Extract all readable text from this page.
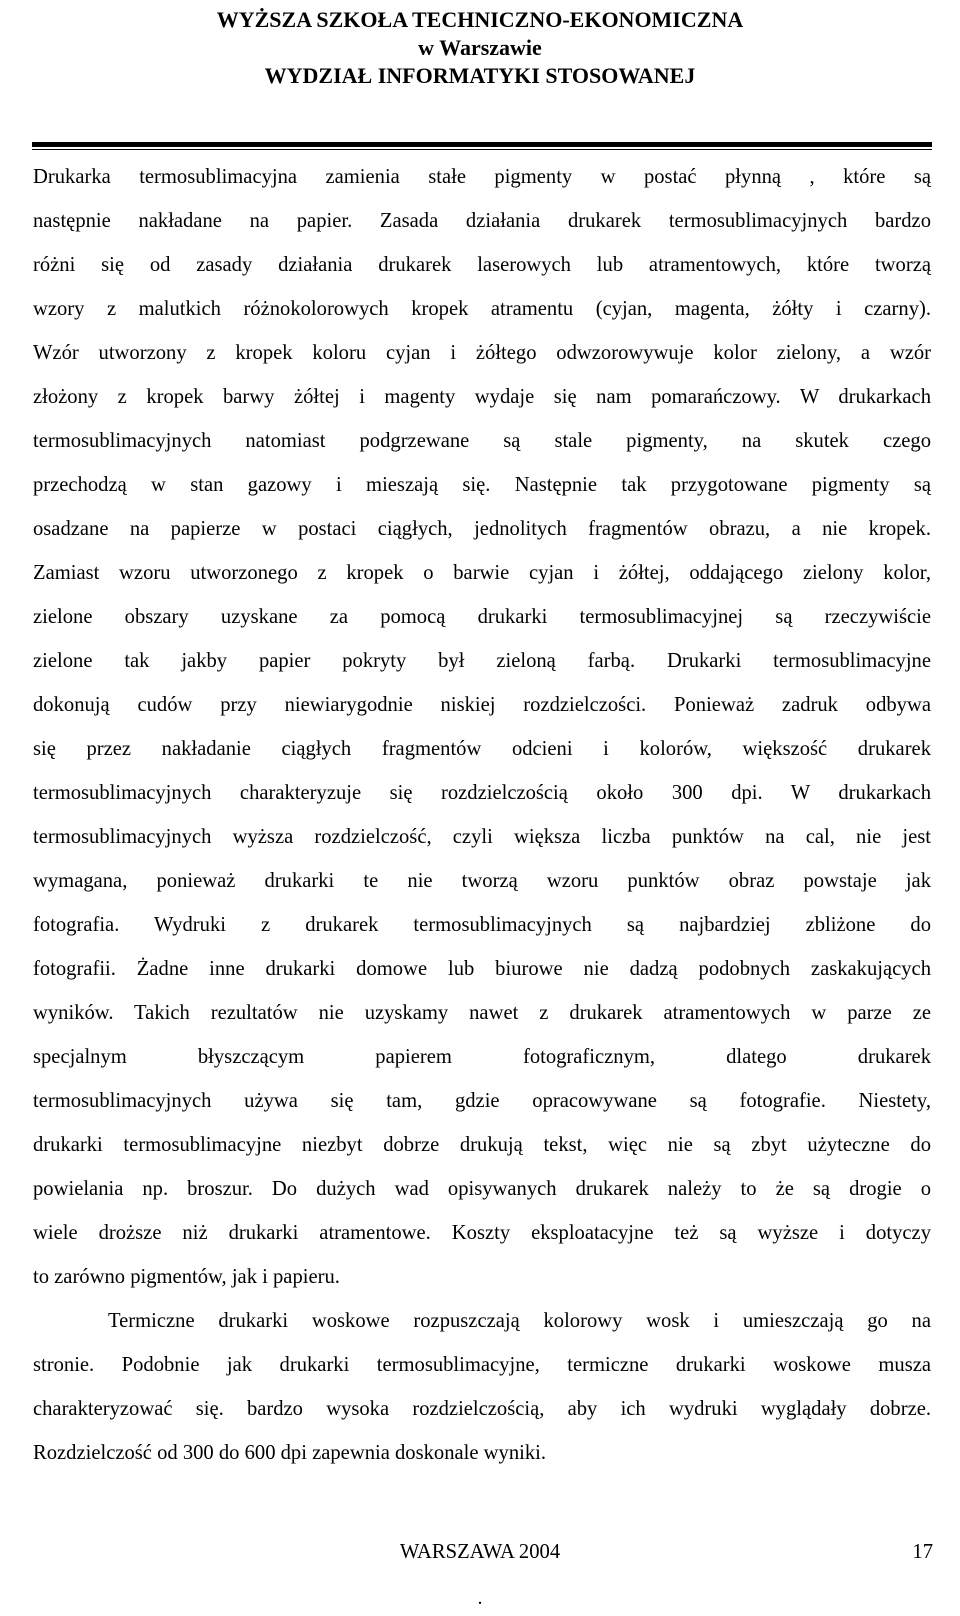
WYŻSZA SZKOŁA TECHNICZNO-EKONOMICZNA
w Warszawie
WYDZIAŁ INFORMATYKI STOSOWANEJ
Drukarka termosublimacyjna zamienia stałe pigmenty w postać płynną , które są
następnie nakładane na papier. Zasada działania drukarek termosublimacyjnych bardzo
różni się od zasady działania drukarek laserowych lub atramentowych, które tworzą
wzory z malutkich różnokolorowych kropek atramentu (cyjan, magenta, żółty i czarny).
Wzór utworzony z kropek koloru cyjan i żółtego odwzorowywuje kolor zielony, a wzór
złożony z kropek barwy żółtej i magenty wydaje się nam pomarańczowy. W drukarkach
termosublimacyjnych natomiast podgrzewane są stale pigmenty, na skutek czego
przechodzą w stan gazowy i mieszają się. Następnie tak przygotowane pigmenty są
osadzane na papierze w postaci ciągłych, jednolitych fragmentów obrazu, a nie kropek.
Zamiast wzoru utworzonego z kropek o barwie cyjan i żółtej, oddającego zielony kolor,
zielone obszary uzyskane za pomocą drukarki termosublimacyjnej są rzeczywiście
zielone tak jakby papier pokryty był zieloną farbą. Drukarki termosublimacyjne
dokonują cudów przy niewiarygodnie niskiej rozdzielczości. Ponieważ zadruk odbywa
się przez nakładanie ciągłych fragmentów odcieni i kolorów, większość drukarek
termosublimacyjnych charakteryzuje się rozdzielczością około 300 dpi. W drukarkach
termosublimacyjnych wyższa rozdzielczość, czyli większa liczba punktów na cal, nie jest
wymagana, ponieważ drukarki te nie tworzą wzoru punktów obraz powstaje jak
fotografia. Wydruki z drukarek termosublimacyjnych są najbardziej zbliżone do
fotografii. Żadne inne drukarki domowe lub biurowe nie dadzą podobnych zaskakujących
wyników. Takich rezultatów nie uzyskamy nawet z drukarek atramentowych w parze ze
specjalnym błyszczącym papierem fotograficznym, dlatego drukarek
termosublimacyjnych używa się tam, gdzie opracowywane są fotografie. Niestety,
drukarki termosublimacyjne niezbyt dobrze drukują tekst, więc nie są zbyt użyteczne do
powielania np. broszur. Do dużych wad opisywanych drukarek należy to że są drogie o
wiele droższe niż drukarki atramentowe. Koszty eksploatacyjne też są wyższe i dotyczy
to zarówno pigmentów, jak i papieru.
Termiczne drukarki woskowe rozpuszczają kolorowy wosk i umieszczają go na
stronie. Podobnie jak drukarki termosublimacyjne, termiczne drukarki woskowe musza
charakteryzować się. bardzo wysoka rozdzielczością, aby ich wydruki wyglądały dobrze.
Rozdzielczość od 300 do 600 dpi zapewnia doskonale wyniki.
WARSZAWA 2004	17
.
